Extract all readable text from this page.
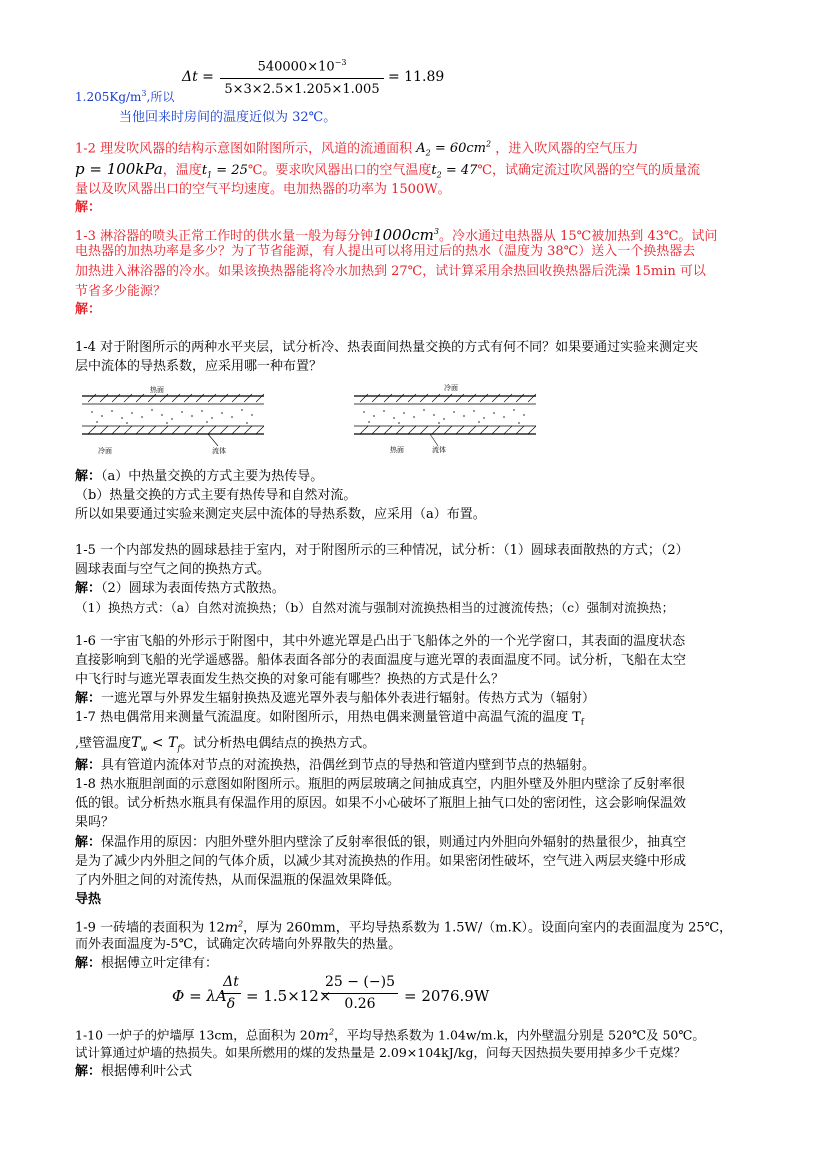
$1.205Kg/m^3$,所以
Δt =
$540000\times 10^{-3}$
5×3×2.5×1.205×1.005
= 11.89
当他回来时房间的温度近似为 32℃。
1-2 理发吹风器的结构示意图如附图所示，风道的流通面积 $A_2 = 60cm^2$ ，进入吹风器的空气压力
p = 100kPa，温度$t_1$ = 25℃。要求吹风器出口的空气温度$t_2$ = 47℃，试确定流过吹风器的空气的质量流
量以及吹风器出口的空气平均速度。电加热器的功率为 1500W。
解：
1-3 淋浴器的喷头正常工作时的供水量一般为每分钟$1000cm^3$。冷水通过电热器从 15℃被加热到 43℃。试问
电热器的加热功率是多少？为了节省能源，有人提出可以将用过后的热水（温度为 38℃）送入一个换热器去
加热进入淋浴器的冷水。如果该换热器能将冷水加热到 27℃，试计算采用余热回收换热器后洗澡 15min 可以
节省多少能源？
解：
1-4 对于附图所示的两种水平夹层，试分析冷、热表面间热量交换的方式有何不同？如果要通过实验来测定夹
层中流体的导热系数，应采用哪一种布置？
热面
冷面	流体
冷面
热面	流体
解：（a）中热量交换的方式主要为热传导。
（b）热量交换的方式主要有热传导和自然对流。
所以如果要通过实验来测定夹层中流体的导热系数，应采用（a）布置。
1-5 一个内部发热的圆球悬挂于室内，对于附图所示的三种情况，试分析：（1）圆球表面散热的方式；（2）
圆球表面与空气之间的换热方式。
解：（2）圆球为表面传热方式散热。
（1）换热方式：（a）自然对流换热；（b）自然对流与强制对流换热相当的过渡流传热；（c）强制对流换热；
1-6 一宇宙飞船的外形示于附图中，其中外遮光罩是凸出于飞船体之外的一个光学窗口，其表面的温度状态
直接影响到飞船的光学遥感器。船体表面各部分的表面温度与遮光罩的表面温度不同。试分析，飞船在太空
中飞行时与遮光罩表面发生热交换的对象可能有哪些？换热的方式是什么？
解：一遮光罩与外界发生辐射换热及遮光罩外表与船体外表进行辐射。传热方式为（辐射）
1-7 热电偶常用来测量气流温度。如附图所示，用热电偶来测量管道中高温气流的温度 $T_f$
,壁管温度$T_w < T_f$。试分析热电偶结点的换热方式。
解：具有管道内流体对节点的对流换热，沿偶丝到节点的导热和管道内壁到节点的热辐射。
1-8 热水瓶胆剖面的示意图如附图所示。瓶胆的两层玻璃之间抽成真空，内胆外壁及外胆内壁涂了反射率很
低的银。试分析热水瓶具有保温作用的原因。如果不小心破坏了瓶胆上抽气口处的密闭性，这会影响保温效
果吗？
解：保温作用的原因：内胆外壁外胆内壁涂了反射率很低的银，则通过内外胆向外辐射的热量很少，抽真空
是为了减少内外胆之间的气体介质，以减少其对流换热的作用。如果密闭性破坏，空气进入两层夹缝中形成
了内外胆之间的对流传热，从而保温瓶的保温效果降低。
导热
1-9 一砖墙的表面积为 $12m^2$，厚为 260mm，平均导热系数为 1.5W/（m.K）。设面向室内的表面温度为 25℃，
而外表面温度为-5℃，试确定次砖墙向外界散失的热量。
解：根据傅立叶定律有：
Φ = λA
Δt
δ = 1.5×12×
25 − (−)5
0.26	= 2076.9W
1-10 一炉子的炉墙厚 13cm，总面积为 $20m^2$，平均导热系数为 1.04w/m.k，内外壁温分别是 520℃及 50℃。
试计算通过炉墙的热损失。如果所燃用的煤的发热量是 2.09×104kJ/kg，问每天因热损失要用掉多少千克煤？
解：根据傅利叶公式
